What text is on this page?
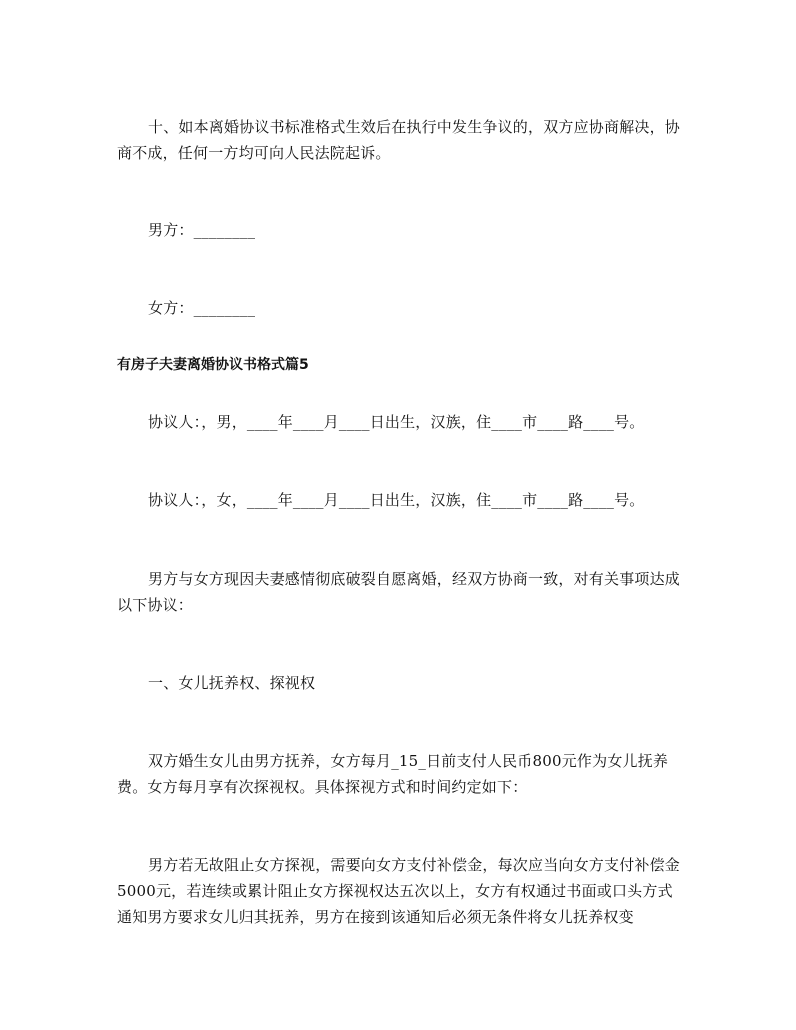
十、如本离婚协议书标准格式生效后在执行中发生争议的，双方应协商解决，协商不成，任何一方均可向人民法院起诉。

男方：________

女方：________

有房子夫妻离婚协议书格式篇5

协议人：，男，____年____月____日出生，汉族，住____市____路____号。

协议人：，女，____年____月____日出生，汉族，住____市____路____号。

男方与女方现因夫妻感情彻底破裂自愿离婚，经双方协商一致，对有关事项达成以下协议：

一、女儿抚养权、探视权

双方婚生女儿由男方抚养，女方每月_15_日前支付人民币800元作为女儿抚养费。女方每月享有次探视权。具体探视方式和时间约定如下：

男方若无故阻止女方探视，需要向女方支付补偿金，每次应当向女方支付补偿金5000元，若连续或累计阻止女方探视权达五次以上，女方有权通过书面或口头方式通知男方要求女儿归其抚养，男方在接到该通知后必须无条件将女儿抚养权变
